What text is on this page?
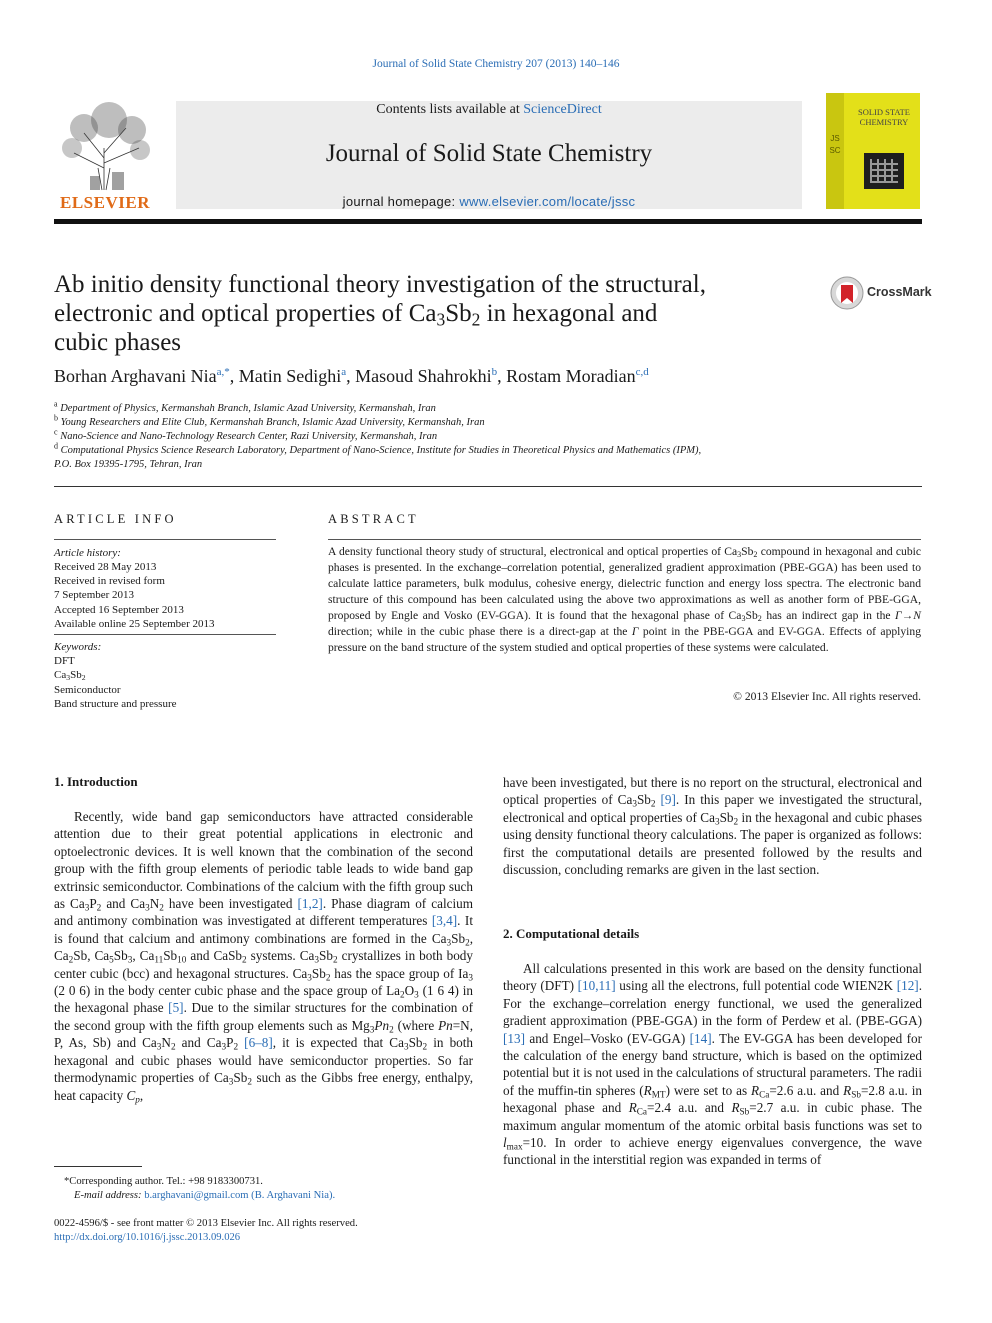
Journal of Solid State Chemistry 207 (2013) 140–146
ELSEVIER
Contents lists available at ScienceDirect
Journal of Solid State Chemistry
journal homepage: www.elsevier.com/locate/jssc
JSSC
SOLID STATE CHEMISTRY
Ab initio density functional theory investigation of the structural,
electronic and optical properties of $Ca_3Sb_2$ in hexagonal and
cubic phases
CrossMark
Borhan Arghavani Nia$^{a,*}$, Matin Sedighi$^a$, Masoud Shahrokhi$^b$, Rostam Moradian$^{c,d}$
$^a$ Department of Physics, Kermanshah Branch, Islamic Azad University, Kermanshah, Iran
$^b$ Young Researchers and Elite Club, Kermanshah Branch, Islamic Azad University, Kermanshah, Iran
$^c$ Nano-Science and Nano-Technology Research Center, Razi University, Kermanshah, Iran
$^d$ Computational Physics Science Research Laboratory, Department of Nano-Science, Institute for Studies in Theoretical Physics and Mathematics (IPM),
P.O. Box 19395-1795, Tehran, Iran
ARTICLE INFO
Article history:
Received 28 May 2013
Received in revised form
7 September 2013
Accepted 16 September 2013
Available online 25 September 2013
Keywords:
DFT
$Ca_3Sb_2$
Semiconductor
Band structure and pressure
ABSTRACT
A density functional theory study of structural, electronical and optical properties of $Ca_3Sb_2$ compound in hexagonal and cubic phases is presented. In the exchange–correlation potential, generalized gradient approximation (PBE-GGA) has been used to calculate lattice parameters, bulk modulus, cohesive energy, dielectric function and energy loss spectra. The electronic band structure of this compound has been calculated using the above two approximations as well as another form of PBE-GGA, proposed by Engle and Vosko (EV-GGA). It is found that the hexagonal phase of $Ca_3Sb_2$ has an indirect gap in the Γ→N direction; while in the cubic phase there is a direct-gap at the Γ point in the PBE-GGA and EV-GGA. Effects of applying pressure on the band structure of the system studied and optical properties of these systems were calculated.
© 2013 Elsevier Inc. All rights reserved.
1. Introduction

Recently, wide band gap semiconductors have attracted considerable attention due to their great potential applications in electronic and optoelectronic devices. It is well known that the combination of the second group with the fifth group elements of periodic table leads to wide band gap extrinsic semiconductor. Combinations of the calcium with the fifth group such as $Ca_3P_2$ and $Ca_3N_2$ have been investigated [1,2]. Phase diagram of calcium and antimony combination was investigated at different temperatures [3,4]. It is found that calcium and antimony combinations are formed in the $Ca_3Sb_2$, $Ca_2Sb$, $Ca_5Sb_3$, $Ca_{11}Sb_{10}$ and CaSb$_2$ systems. $Ca_3Sb_2$ crystallizes in both body center cubic (bcc) and hexagonal structures. $Ca_3Sb_2$ has the space group of $Ia_3$ (2 0 6) in the body center cubic phase and the space group of $La_2O_3$ (1 6 4) in the hexagonal phase [5]. Due to the similar structures for the combination of the second group with the fifth group elements such as $Mg_3Pn_2$ (where Pn=N, P, As, Sb) and $Ca_3N_2$ and $Ca_3P_2$ [6–8], it is expected that $Ca_3Sb_2$ in both hexagonal and cubic phases would have semiconductor properties. So far thermodynamic properties of $Ca_3Sb_2$ such as the Gibbs free energy, enthalpy, heat capacity $C_p$,

have been investigated, but there is no report on the structural, electronical and optical properties of $Ca_3Sb_2$ [9]. In this paper we investigated the structural, electronical and optical properties of $Ca_3Sb_2$ in the hexagonal and cubic phases using density functional theory calculations. The paper is organized as follows: first the computational details are presented followed by the results and discussion, concluding remarks are given in the last section.

2. Computational details

All calculations presented in this work are based on the density functional theory (DFT) [10,11] using all the electrons, full potential code WIEN2K [12]. For the exchange–correlation energy functional, we used the generalized gradient approximation (PBE-GGA) in the form of Perdew et al. (PBE-GGA) [13] and Engel–Vosko (EV-GGA) [14]. The EV-GGA has been developed for the calculation of the energy band structure, which is based on the optimized potential but it is not used in the calculations of structural parameters. The radii of the muffin-tin spheres $(R_{MT})$ were set to as $R_{Ca}=2.6$ a.u. and $R_{Sb}=2.8$ a.u. in hexagonal phase and $R_{Ca}=2.4$ a.u. and $R_{Sb}=2.7$ a.u. in cubic phase. The maximum angular momentum of the atomic orbital basis functions was set to $l_{max}=10$. In order to achieve energy eigenvalues convergence, the wave functional in the interstitial region was expanded in terms of

*Corresponding author. Tel.: +98 9183300731.
E-mail address: b.arghavani@gmail.com (B. Arghavani Nia).
0022-4596/$ - see front matter © 2013 Elsevier Inc. All rights reserved.
http://dx.doi.org/10.1016/j.jssc.2013.09.026
